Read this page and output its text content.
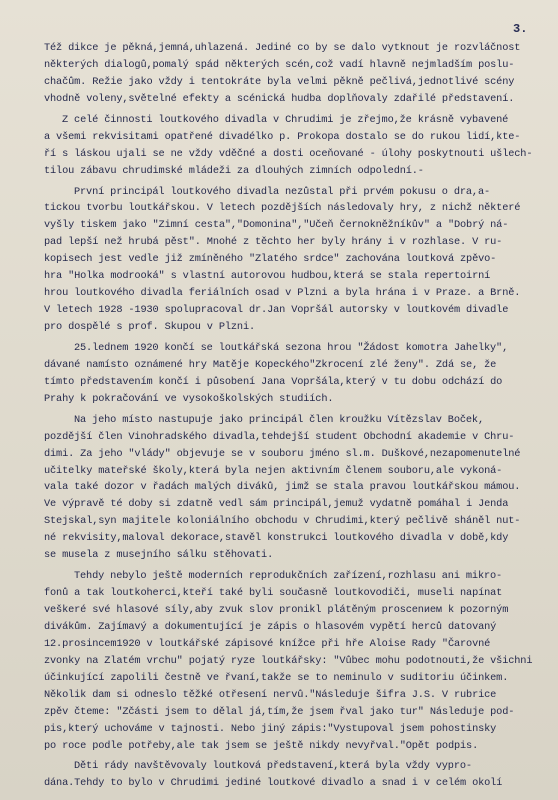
3.
Též dikce je pěkná,jemná,uhlazená. Jediné co by se dalo vytknout je rozvláčnost
některých dialogů,pomalý spád některých scén,což vadí hlavně nejmladším poslu-
chačům. Režie jako vždy i tentokráte byla velmi pěkně pečlivá,jednotlivé scény
vhodně voleny,světelné efekty a scénická hudba doplňovaly zdařilé představení.
Z celé činnosti loutkového divadla v Chrudimi je zřejmo,že krásně vybavené
a všemi rekvisitami opatřené divadélko p. Prokopa dostalo se do rukou lidí,kte-
ří s láskou ujali se ne vždy vděčné a dosti oceňované - úlohy poskytnouti ušlech-
tilou zábavu chrudimské mládeži za dlouhých zimních odpolední.-
První principál loutkového divadla nezůstal při prvém pokusu o dra,a-
tickou tvorbu loutkářskou. V letech pozdějších následovaly hry, z nichž některé
vyšly tiskem jako "Zimní cesta","Domonina","Učeň černokněžníkův" a "Dobrý ná-
pad lepší než hrubá pěst". Mnohé z těchto her byly hrány i v rozhlase. V ru-
kopisech jest vedle již zmíněného "Zlatého srdce" zachována loutková zpěvo-
hra "Holka modrooká" s vlastní autorovou hudbou,která se stala repertoirní
hrou loutkového divadla feriálních osad v Plzni a byla hrána i v Praze. a Brně.
V letech 1928 -1930 spolupracoval dr.Jan Vopršál autorsky v loutkovém divadle
pro dospělé s prof. Skupou v Plzni.
25.lednem 1920 končí se loutkářská sezona hrou "Žádost komotra Jahelky",
dávané namísto oznámené hry Matěje Kopeckého"Zkrocení zlé ženy". Zdá se, že
tímto představením končí i působení Jana Vopršála,který v tu dobu odchází do
Prahy k pokračování ve vysokoškolských studiích.
Na jeho místo nastupuje jako principál člen kroužku Vítězslav Boček,
pozdější člen Vinohradského divadla,tehdejší student Obchodní akademie v Chru-
dimi. Za jeho "vlády" objevuje se v souboru jméno sl.m. Duškové,nezapomenutelné
učitelky mateřské školy,která byla nejen aktivním členem souboru,ale vykoná-
vala také dozor v řadách malých diváků, jimž se stala pravou loutkářskou mámou.
Ve výpravě té doby si zdatně vedl sám principál,jemuž vydatně pomáhal i Jenda
Stejskal,syn majitele koloniálního obchodu v Chrudimi,který pečlivě sháněl nut-
né rekvisity,maloval dekorace,stavěl konstrukci loutkového divadla v době,kdy
se musela z musejního sálku stěhovati.
Tehdy nebylo ještě moderních reprodukčních zařízení,rozhlasu ani mikro-
fonů a tak loutkoherci,kteří také byli současně loutkovodiči, museli napínat
veškeré své hlasové síly,aby zvuk slov pronikl plátěným proscenием k pozorným
divákům. Zajímavý a dokumentující je zápis o hlasovém vypětí herců datovaný
12.prosincem1920 v loutkářské zápisové knížce při hře Aloise Rady "Čarovné
zvonky na Zlatém vrchu" pojatý ryze loutkářsky: "Vůbec mohu podotnouti,že všichni
účinkující zapolili čestně ve řvaní,takže se to neminulo v suditoriu účinkem.
Několik dam si odneslo těžké otřesení nervů."Následuje šifra J.S. V rubrice
zpěv čteme: "Zčásti jsem to dělal já,tím,že jsem řval jako tur" Následuje pod-
pis,který uchováme v tajnosti. Nebo jiný zápis:"Vystupoval jsem pohostinsky
po roce podle potřeby,ale tak jsem se ještě nikdy nevyřval."Opět podpis.
Děti rády navštěvovaly loutková představení,která byla vždy vyprо-
dána.Tehdy to bylo v Chrudimi jediné loutkové divadlo a snad i v celém okolí
